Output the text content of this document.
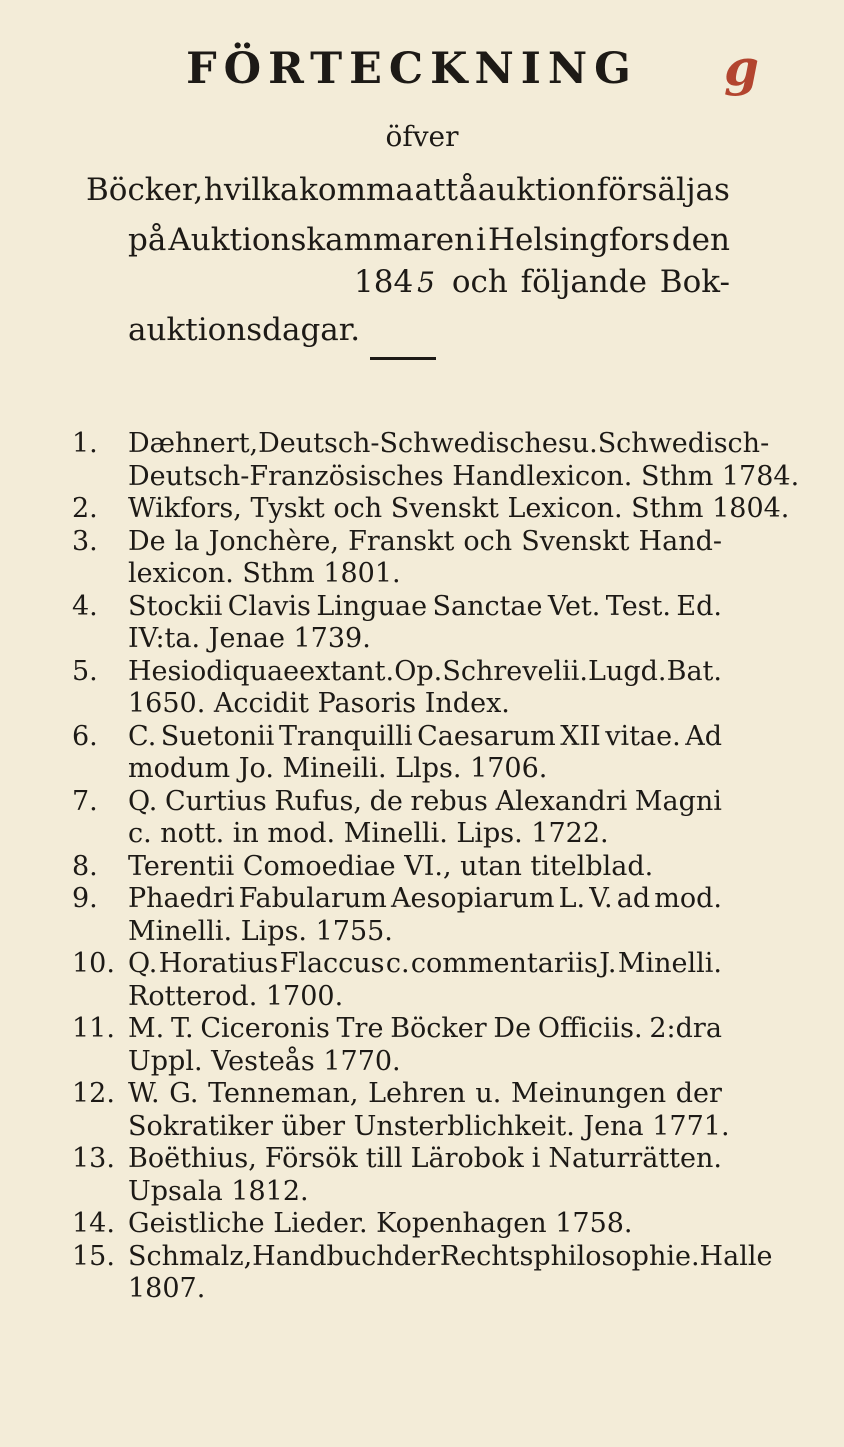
FÖRTECKNING	g
öfver
Böcker, hvilka komma att å auktion försäljas
på Auktionskammaren i Helsingfors den
184 5 och följande Bok-
auktionsdagar.
1.	Dæhnert, Deutsch-Schwedisches u. Schwedisch-
Deutsch-Französisches Handlexicon. Sthm 1784.
2.	Wikfors, Tyskt och Svenskt Lexicon. Sthm 1804.
3.	De la Jonchère, Franskt och Svenskt Hand-
lexicon. Sthm 1801.
4.	Stockii Clavis Linguae Sanctae Vet. Test. Ed.
IV:ta. Jenae 1739.
5.	Hesiodi quae extant. Op. Schrevelii. Lugd. Bat.
1650. Accidit Pasoris Index.
6.	C. Suetonii Tranquilli Caesarum XII vitae. Ad
modum Jo. Mineili. Llps. 1706.
7.	Q. Curtius Rufus, de rebus Alexandri Magni
c. nott. in mod. Minelli. Lips. 1722.
8.	Terentii Comoediae VI., utan titelblad.
9.	Phaedri Fabularum Aesopiarum L. V. ad mod.
Minelli. Lips. 1755.
10. Q. Horatius Flaccus c. commentariis J. Minelli.
Rotterod. 1700.
11. M. T. Ciceronis Tre Böcker De Officiis. 2:dra
Uppl. Vesteås 1770.
12. W. G. Tenneman, Lehren u. Meinungen der
Sokratiker über Unsterblichkeit. Jena 1771.
13. Boëthius, Försök till Lärobok i Naturrätten.
Upsala 1812.
14. Geistliche Lieder. Kopenhagen 1758.
15. Schmalz, Handbuch der Rechtsphilosophie. Halle
1807.
